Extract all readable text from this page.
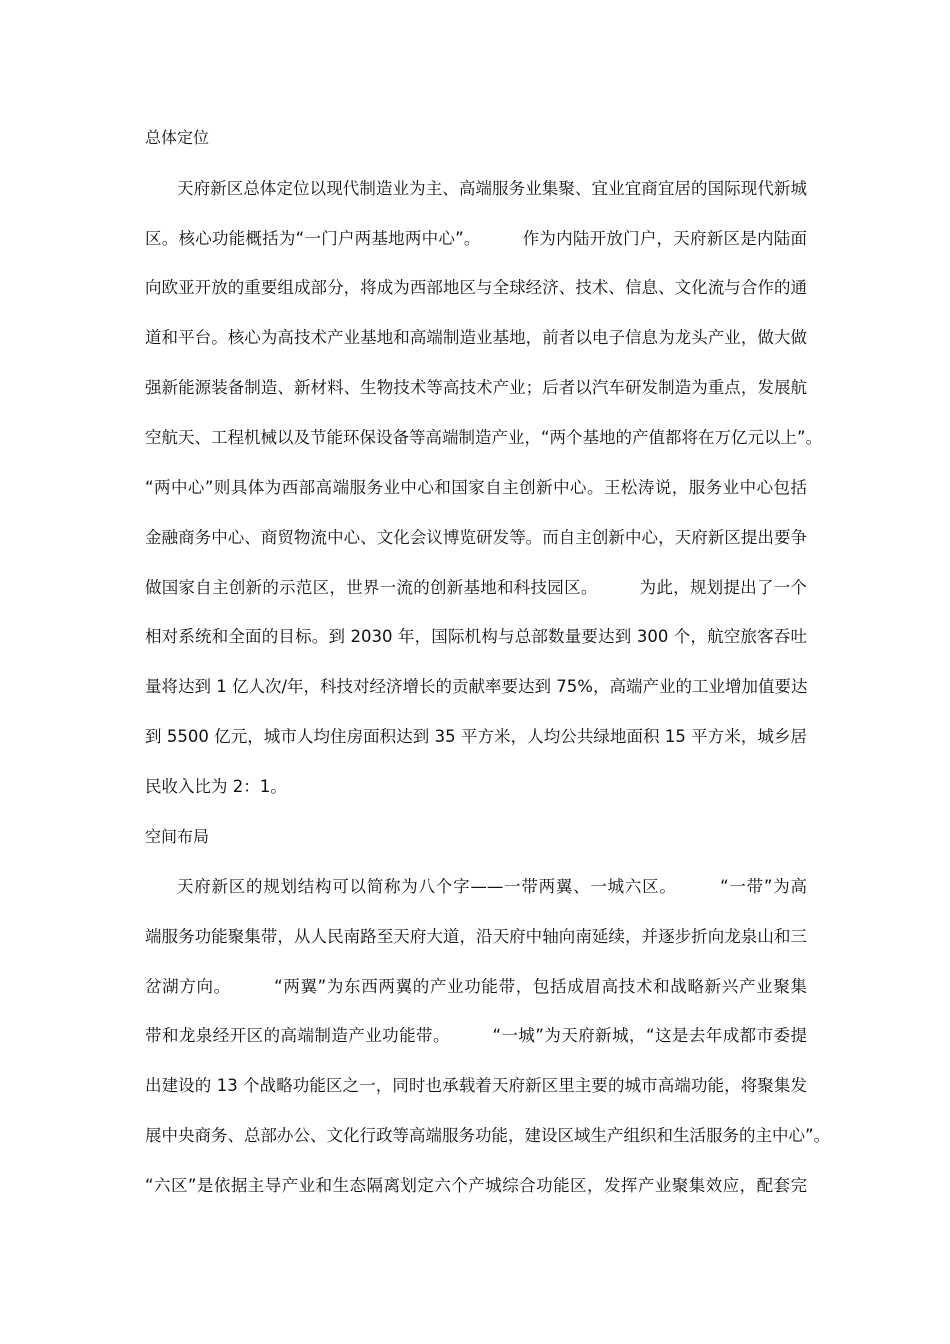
总体定位
天府新区总体定位以现代制造业为主、高端服务业集聚、宜业宜商宜居的国际现代新城
区。核心功能概括为“一门户两基地两中心”。　　　作为内陆开放门户，天府新区是内陆面
向欧亚开放的重要组成部分，将成为西部地区与全球经济、技术、信息、文化流与合作的通
道和平台。核心为高技术产业基地和高端制造业基地，前者以电子信息为龙头产业，做大做
强新能源装备制造、新材料、生物技术等高技术产业；后者以汽车研发制造为重点，发展航
空航天、工程机械以及节能环保设备等高端制造产业，“两个基地的产值都将在万亿元以上”。
“两中心”则具体为西部高端服务业中心和国家自主创新中心。王松涛说，服务业中心包括
金融商务中心、商贸物流中心、文化会议博览研发等。而自主创新中心，天府新区提出要争
做国家自主创新的示范区，世界一流的创新基地和科技园区。　　　为此，规划提出了一个
相对系统和全面的目标。到 2030 年，国际机构与总部数量要达到 300 个，航空旅客吞吐
量将达到 1 亿人次/年，科技对经济增长的贡献率要达到 75%，高端产业的工业增加值要达
到 5500 亿元，城市人均住房面积达到 35 平方米，人均公共绿地面积 15 平方米，城乡居
民收入比为 2：1。
空间布局
天府新区的规划结构可以简称为八个字——一带两翼、一城六区。　　　“一带”为高
端服务功能聚集带，从人民南路至天府大道，沿天府中轴向南延续，并逐步折向龙泉山和三
岔湖方向。　　　“两翼”为东西两翼的产业功能带，包括成眉高技术和战略新兴产业聚集
带和龙泉经开区的高端制造产业功能带。　　　“一城”为天府新城，“这是去年成都市委提
出建设的 13 个战略功能区之一，同时也承载着天府新区里主要的城市高端功能，将聚集发
展中央商务、总部办公、文化行政等高端服务功能，建设区域生产组织和生活服务的主中心”。
“六区”是依据主导产业和生态隔离划定六个产城综合功能区，发挥产业聚集效应，配套完
